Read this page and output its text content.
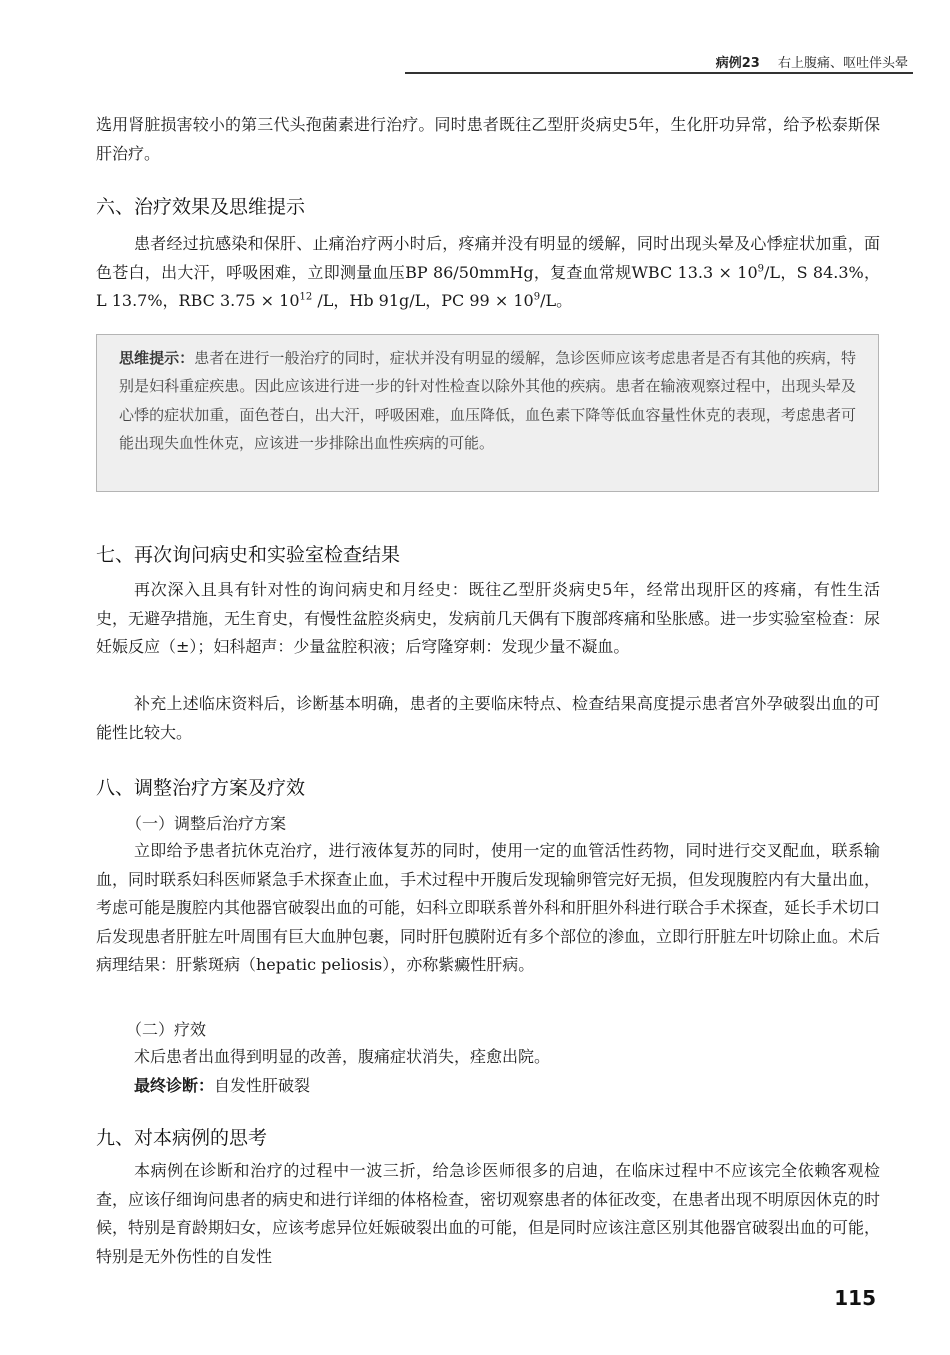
病例23 右上腹痛、呕吐伴头晕

选用肾脏损害较小的第三代头孢菌素进行治疗。同时患者既往乙型肝炎病史5年，生化肝功异常，给予松泰斯保肝治疗。

六、治疗效果及思维提示

患者经过抗感染和保肝、止痛治疗两小时后，疼痛并没有明显的缓解，同时出现头晕及心悸症状加重，面色苍白，出大汗，呼吸困难，立即测量血压BP 86/50mmHg，复查血常规WBC $13.3 \times 10^9/L$，S 84.3%，L 13.7%，RBC $3.75 \times 10^{12}$ /L，Hb 91g/L，PC $99 \times 10^9/L$。

思维提示：患者在进行一般治疗的同时，症状并没有明显的缓解，急诊医师应该考虑患者是否有其他的疾病，特别是妇科重症疾患。因此应该进行进一步的针对性检查以除外其他的疾病。患者在输液观察过程中，出现头晕及心悸的症状加重，面色苍白，出大汗，呼吸困难，血压降低，血色素下降等低血容量性休克的表现，考虑患者可能出现失血性休克，应该进一步排除出血性疾病的可能。
七、再次询问病史和实验室检查结果

再次深入且具有针对性的询问病史和月经史：既往乙型肝炎病史5年，经常出现肝区的疼痛，有性生活史，无避孕措施，无生育史，有慢性盆腔炎病史，发病前几天偶有下腹部疼痛和坠胀感。进一步实验室检查：尿妊娠反应（±）；妇科超声：少量盆腔积液；后穹隆穿刺：发现少量不凝血。

补充上述临床资料后，诊断基本明确，患者的主要临床特点、检查结果高度提示患者宫外孕破裂出血的可能性比较大。

八、调整治疗方案及疗效

（一）调整后治疗方案

立即给予患者抗休克治疗，进行液体复苏的同时，使用一定的血管活性药物，同时进行交叉配血，联系输血，同时联系妇科医师紧急手术探查止血，手术过程中开腹后发现输卵管完好无损，但发现腹腔内有大量出血，考虑可能是腹腔内其他器官破裂出血的可能，妇科立即联系普外科和肝胆外科进行联合手术探查，延长手术切口后发现患者肝脏左叶周围有巨大血肿包裹，同时肝包膜附近有多个部位的渗血，立即行肝脏左叶切除止血。术后病理结果：肝紫斑病（hepatic peliosis），亦称紫癜性肝病。

（二）疗效

术后患者出血得到明显的改善，腹痛症状消失，痊愈出院。

最终诊断：自发性肝破裂

九、对本病例的思考

本病例在诊断和治疗的过程中一波三折，给急诊医师很多的启迪，在临床过程中不应该完全依赖客观检查，应该仔细询问患者的病史和进行详细的体格检查，密切观察患者的体征改变，在患者出现不明原因休克的时候，特别是育龄期妇女，应该考虑异位妊娠破裂出血的可能，但是同时应该注意区别其他器官破裂出血的可能，特别是无外伤性的自发性

115
